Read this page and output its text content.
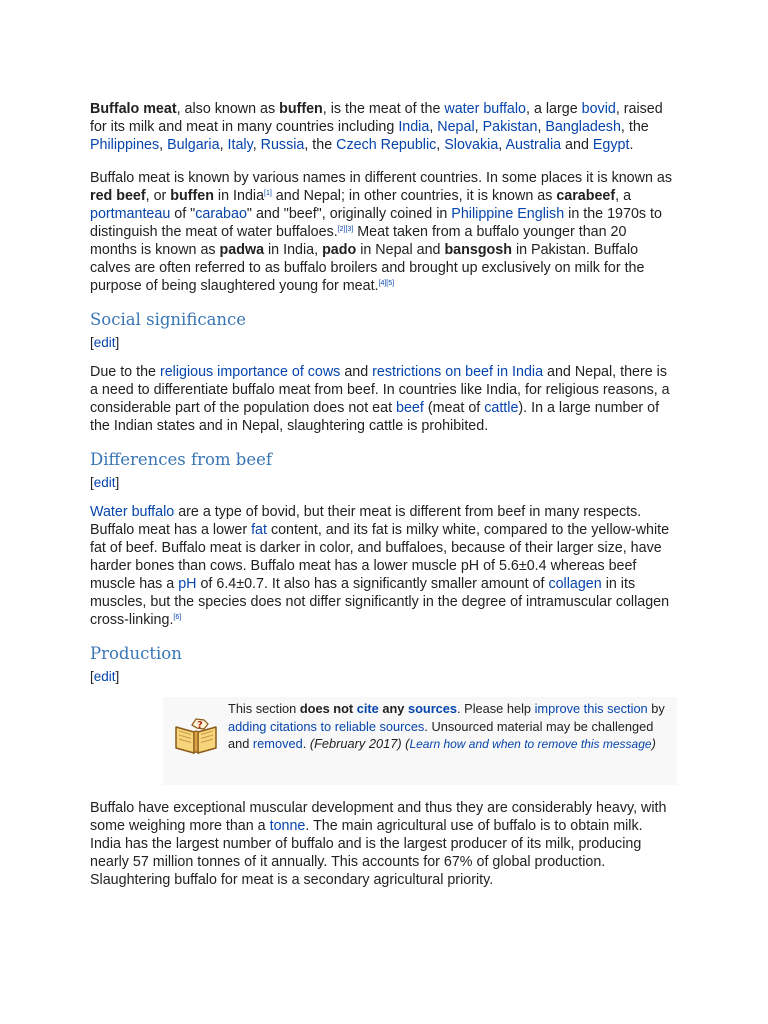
Buffalo meat, also known as buffen, is the meat of the water buffalo, a large bovid, raised for its milk and meat in many countries including India, Nepal, Pakistan, Bangladesh, the Philippines, Bulgaria, Italy, Russia, the Czech Republic, Slovakia, Australia and Egypt.

Buffalo meat is known by various names in different countries. In some places it is known as red beef, or buffen in India[1] and Nepal; in other countries, it is known as carabeef, a portmanteau of "carabao" and "beef", originally coined in Philippine English in the 1970s to distinguish the meat of water buffaloes.[2][3] Meat taken from a buffalo younger than 20 months is known as padwa in India, pado in Nepal and bansgosh in Pakistan. Buffalo calves are often referred to as buffalo broilers and brought up exclusively on milk for the purpose of being slaughtered young for meat.[4][5]

Social significance
[edit]

Due to the religious importance of cows and restrictions on beef in India and Nepal, there is a need to differentiate buffalo meat from beef. In countries like India, for religious reasons, a considerable part of the population does not eat beef (meat of cattle). In a large number of the Indian states and in Nepal, slaughtering cattle is prohibited.

Differences from beef
[edit]

Water buffalo are a type of bovid, but their meat is different from beef in many respects. Buffalo meat has a lower fat content, and its fat is milky white, compared to the yellow-white fat of beef. Buffalo meat is darker in color, and buffaloes, because of their larger size, have harder bones than cows. Buffalo meat has a lower muscle pH of 5.6±0.4 whereas beef muscle has a pH of 6.4±0.7. It also has a significantly smaller amount of collagen in its muscles, but the species does not differ significantly in the degree of intramuscular collagen cross-linking.[6]

Production
[edit]
?
This section does not cite any sources. Please help improve this section by adding citations to reliable sources. Unsourced material may be challenged and removed. (February 2017) (Learn how and when to remove this message)

Buffalo have exceptional muscular development and thus they are considerably heavy, with some weighing more than a tonne. The main agricultural use of buffalo is to obtain milk. India has the largest number of buffalo and is the largest producer of its milk, producing nearly 57 million tonnes of it annually. This accounts for 67% of global production. Slaughtering buffalo for meat is a secondary agricultural priority.
